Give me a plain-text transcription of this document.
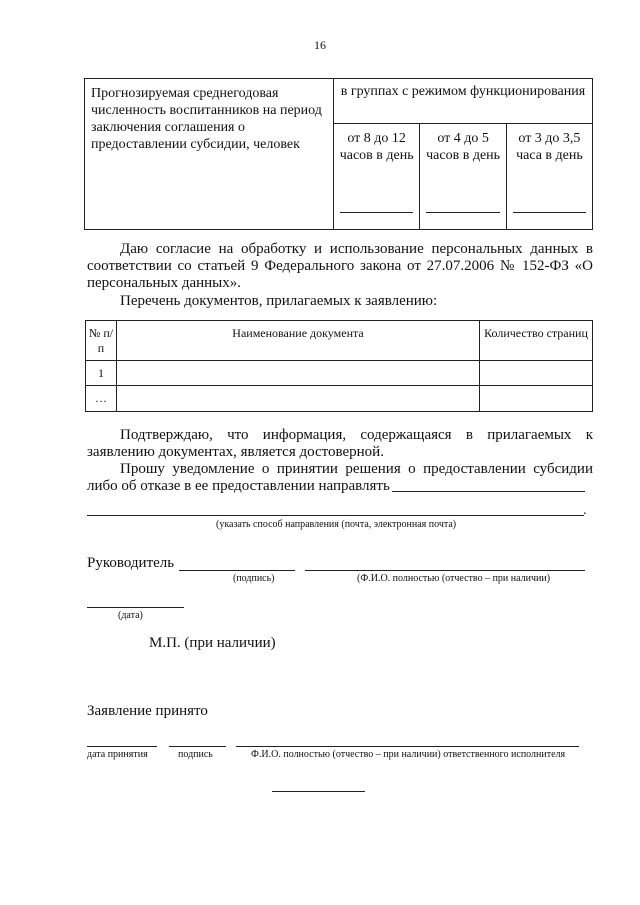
16
Прогнозируемая среднегодовая численность воспитанников на период заключения соглашения о предоставлении субсидии, человек	в группах с режимом функционирования		
	от 8 до 12 часов в день	от 4 до 5 часов в день	от 3 до 3,5 часа в день
Даю согласие на обработку и использование персональных данных в соответствии со статьей 9 Федерального закона от 27.07.2006 № 152-ФЗ «О персональных данных».
Перечень документов, прилагаемых к заявлению:
№ п/п	Наименование документа	Количество страниц
1		
…		
Подтверждаю, что информация, содержащаяся в прилагаемых к заявлению документах, является достоверной.
Прошу уведомление о принятии решения о предоставлении субсидии либо об отказе в ее предоставлении направлять
.
(указать способ направления (почта, электронная почта)
Руководитель
(подпись)	(Ф.И.О. полностью (отчество – при наличии)
(дата)
М.П. (при наличии)
Заявление принято
дата принятия	подпись	Ф.И.О. полностью (отчество – при наличии) ответственного исполнителя
